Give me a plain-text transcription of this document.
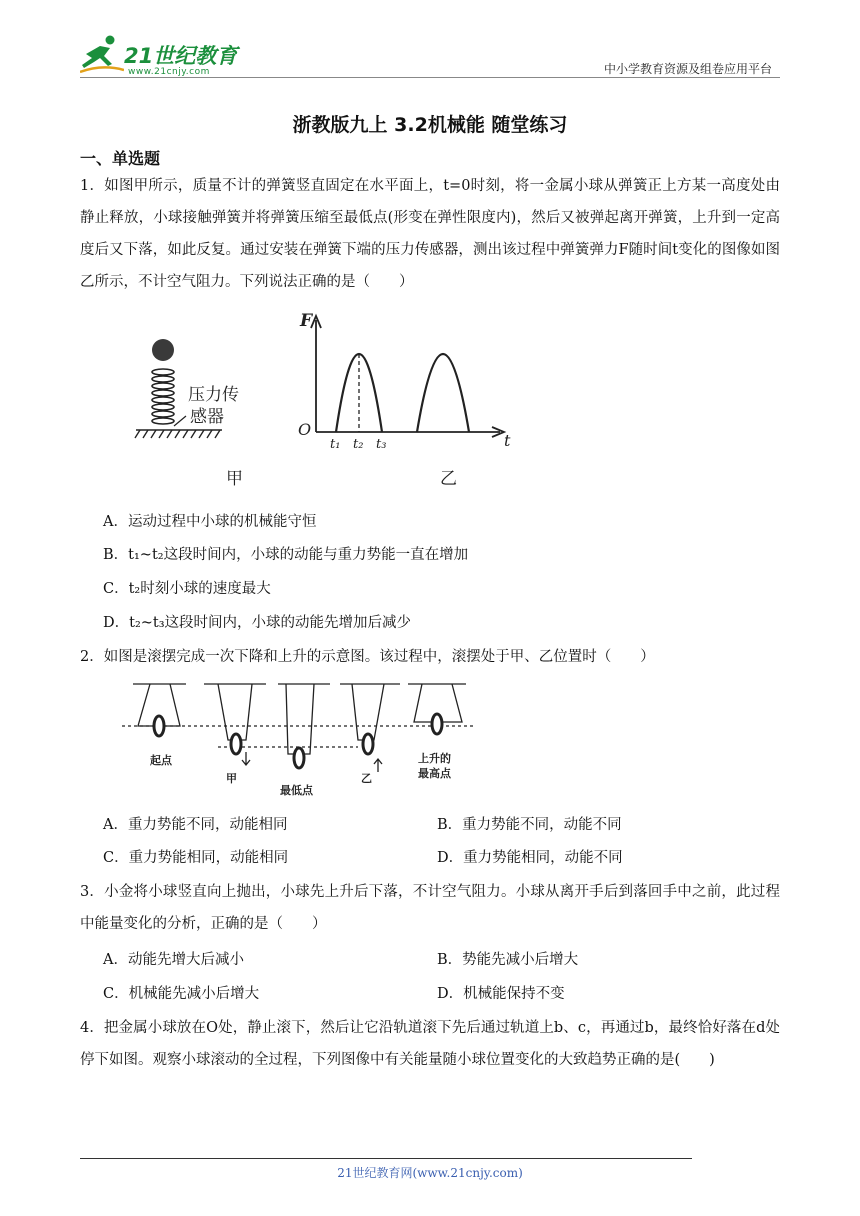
21世纪教育
www.21cnjy.com	中小学教育资源及组卷应用平台
浙教版九上 3.2机械能 随堂练习
一、单选题
1．如图甲所示，质量不计的弹簧竖直固定在水平面上，t=0时刻，将一金属小球从弹簧正上方某一高度处由静止释放，小球接触弹簧并将弹簧压缩至最低点(形变在弹性限度内)，然后又被弹起离开弹簧，上升到一定高度后又下落，如此反复。通过安装在弹簧下端的压力传感器，测出该过程中弹簧弹力F随时间t变化的图像如图乙所示，不计空气阻力。下列说法正确的是（　　）
压力传
感器
甲
F
t
O
t₁ t₂ t₃
乙
A．运动过程中小球的机械能守恒
B．t₁~t₂这段时间内，小球的动能与重力势能一直在增加
C．t₂时刻小球的速度最大
D．t₂~t₃这段时间内，小球的动能先增加后减少
2．如图是滚摆完成一次下降和上升的示意图。该过程中，滚摆处于甲、乙位置时（　　）
起点
甲
最低点
乙
上升的
最高点
A．重力势能不同，动能相同	B．重力势能不同，动能不同
C．重力势能相同，动能相同	D．重力势能相同，动能不同
3．小金将小球竖直向上抛出，小球先上升后下落，不计空气阻力。小球从离开手后到落回手中之前，此过程中能量变化的分析，正确的是（　　）
A．动能先增大后减小	B．势能先减小后增大
C．机械能先减小后增大	D．机械能保持不变
4．把金属小球放在O处，静止滚下，然后让它沿轨道滚下先后通过轨道上b、c，再通过b，最终恰好落在d处停下如图。观察小球滚动的全过程，下列图像中有关能量随小球位置变化的大致趋势正确的是(　　)
21世纪教育网(www.21cnjy.com)
